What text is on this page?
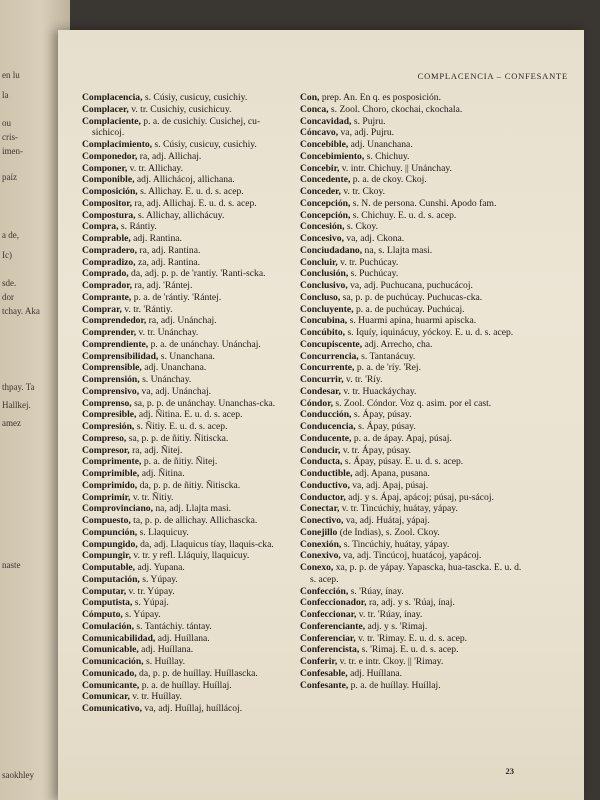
en lu
la
ou
cris-
imen-
paíz
a de,
Ic)
sde.
dor
tchay. Aka
thpay. Ta
Hallkej.
amez
naste
saokhley
COMPLACENCIA – CONFESANTE

Complacencia, s. Cúsiy, cusicuy, cusichiy.

Complacer, v. tr. Cusichiy, cusichicuy.

Complaciente, p. a. de cusichiy. Cusichej, cu-sichicoj.

Complacimiento, s. Cúsiy, cusicuy, cusichiy.

Componedor, ra, adj. Allichaj.

Componer, v. tr. Allichay.

Componible, adj. Allichácoj, allichana.

Composición, s. Allichay. E. u. d. s. acep.

Compositor, ra, adj. Allichaj. E. u. d. s. acep.

Compostura, s. Allichay, allichácuy.

Compra, s. Rántiy.

Comprable, adj. Rantina.

Compradero, ra, adj. Rantina.

Compradizo, za, adj. Rantina.

Comprado, da, adj. p. p. de 'rantiy. 'Ranti-scka.

Comprador, ra, adj. 'Rántej.

Comprante, p. a. de 'rántiy. 'Rántej.

Comprar, v. tr. 'Rántiy.

Comprendedor, ra, adj. Unánchaj.

Comprender, v. tr. Unánchay.

Comprendiente, p. a. de unánchay. Unánchaj.

Comprensibilidad, s. Unanchana.

Comprensible, adj. Unanchana.

Comprensión, s. Unánchay.

Comprensivo, va, adj. Unánchaj.

Comprenso, sa, p. p. de unánchay. Unanchas-cka.

Compresible, adj. Ñitina. E. u. d. s. acep.

Compresión, s. Ñitiy. E. u. d. s. acep.

Compreso, sa, p. p. de ñitiy. Ñitiscka.

Compresor, ra, adj. Ñitej.

Comprimente, p. a. de ñitiy. Ñitej.

Comprimible, adj. Ñitina.

Comprimido, da, p. p. de ñitiy. Ñitiscka.

Comprimir, v. tr. Ñitiy.

Comprovinciano, na, adj. Llajta masi.

Compuesto, ta, p. p. de allichay. Allichascka.

Compunción, s. Llaquicuy.

Compungido, da, adj. Llaquicus tíay, llaquis-cka.

Compungir, v. tr. y refl. Lláquiy, llaquicuy.

Computable, adj. Yupana.

Computación, s. Yúpay.

Computar, v. tr. Yúpay.

Computista, s. Yúpaj.

Cómputo, s. Yúpay.

Comulación, s. Tantáchiy. tántay.

Comunicabilidad, adj. Huíllana.

Comunicable, adj. Huíllana.

Comunicación, s. Huíllay.

Comunicado, da, p. p. de huíllay. Huíllascka.

Comunicante, p. a. de huíllay. Huíllaj.

Comunicar, v. tr. Huíllay.

Comunicativo, va, adj. Huíllaj, huíllácoj.

Con, prep. An. En q. es posposición.

Conca, s. Zool. Choro, ckochai, ckochala.

Concavidad, s. Pujru.

Cóncavo, va, adj. Pujru.

Concebible, adj. Unanchana.

Concebimiento, s. Chichuy.

Concebir, v. intr. Chichuy. || Unánchay.

Concedente, p. a. de ckoy. Ckoj.

Conceder, v. tr. Ckoy.

Concepción, s. N. de persona. Cunshi. Apodo fam.

Concepción, s. Chichuy. E. u. d. s. acep.

Concesión, s. Ckoy.

Concesivo, va, adj. Ckona.

Conciudadano, na, s. Llajta masi.

Concluir, v. tr. Puchúcay.

Conclusión, s. Puchúcay.

Conclusivo, va, adj. Puchucana, puchucácoj.

Concluso, sa, p. p. de puchúcay. Puchucas-cka.

Concluyente, p. a. de puchúcay. Puchúcaj.

Concubina, s. Huarmi apina, huarmi apiscka.

Concúbito, s. Iquíy, iquinácuy, yóckoy. E. u. d. s. acep.

Concupiscente, adj. Arrecho, cha.

Concurrencia, s. Tantanácuy.

Concurrente, p. a. de 'ríy. 'Rej.

Concurrir, v. tr. 'Ríy.

Condesar, v. tr. Huackáychay.

Cóndor, s. Zool. Cóndor. Voz q. asim. por el cast.

Conducción, s. Ápay, púsay.

Conducencia, s. Ápay, púsay.

Conducente, p. a. de ápay. Apaj, púsaj.

Conducir, v. tr. Ápay, púsay.

Conducta, s. Ápay, púsay. E. u. d. s. acep.

Conductible, adj. Apana, pusana.

Conductivo, va, adj. Apaj, púsaj.

Conductor, adj. y s. Ápaj, apácoj; púsaj, pu-sácoj.

Conectar, v. tr. Tincúchiy, huátay, yápay.

Conectivo, va, adj. Huátaj, yápaj.

Conejillo (de Indias), s. Zool. Ckoy.

Conexión, s. Tincúchiy, huátay, yápay.

Conexivo, va, adj. Tincúcoj, huatácoj, yapácoj.

Conexo, xa, p. p. de yápay. Yapascka, hua-tascka. E. u. d. s. acep.

Confección, s. 'Rúay, ínay.

Confeccionador, ra, adj. y s. 'Rúaj, ínaj.

Confeccionar, v. tr. 'Rúay, ínay.

Conferenciante, adj. y s. 'Rimaj.

Conferenciar, v. tr. 'Rimay. E. u. d. s. acep.

Conferencista, s. 'Rimaj. E. u. d. s. acep.

Conferir, v. tr. e intr. Ckoy. || 'Rimay.

Confesable, adj. Huíllana.

Confesante, p. a. de huíllay. Huíllaj.

23
